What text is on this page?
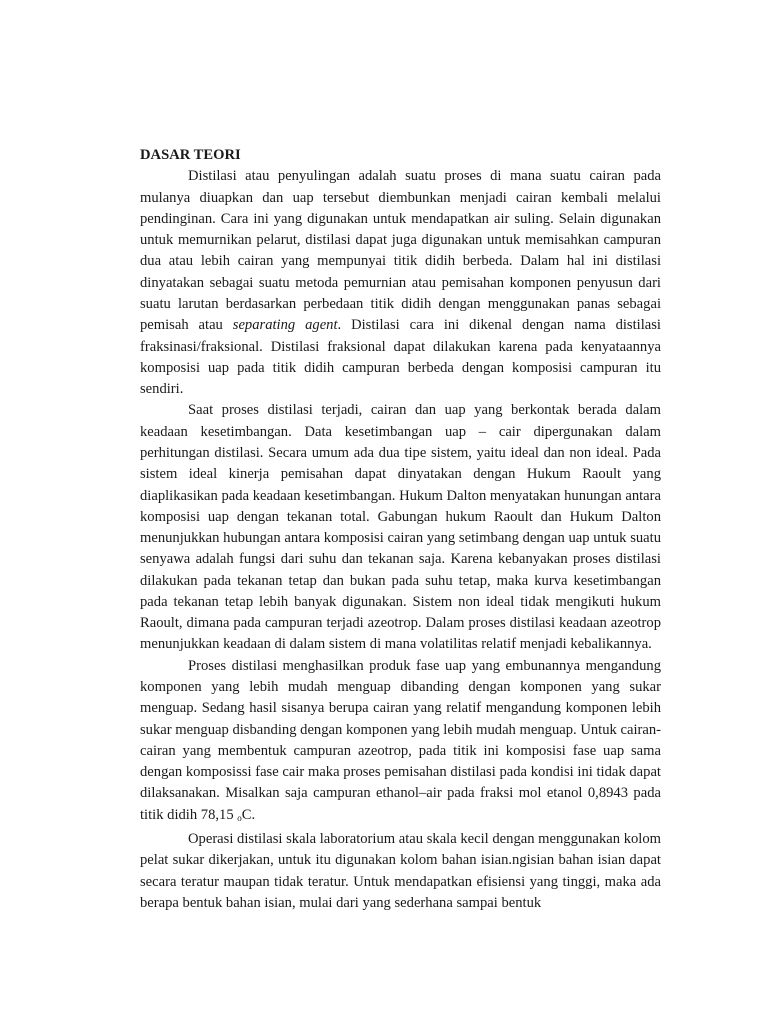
DASAR TEORI

Distilasi atau penyulingan adalah suatu proses di mana suatu cairan pada mulanya diuapkan dan uap tersebut diembunkan menjadi cairan kembali melalui pendinginan. Cara ini yang digunakan untuk mendapatkan air suling. Selain digunakan untuk memurnikan pelarut, distilasi dapat juga digunakan untuk memisahkan campuran dua atau lebih cairan yang mempunyai titik didih berbeda. Dalam hal ini distilasi dinyatakan sebagai suatu metoda pemurnian atau pemisahan komponen penyusun dari suatu larutan berdasarkan perbedaan titik didih dengan menggunakan panas sebagai pemisah atau separating agent. Distilasi cara ini dikenal dengan nama distilasi fraksinasi/fraksional. Distilasi fraksional dapat dilakukan karena pada kenyataannya komposisi uap pada titik didih campuran berbeda dengan komposisi campuran itu sendiri.

Saat proses distilasi terjadi, cairan dan uap yang berkontak berada dalam keadaan kesetimbangan. Data kesetimbangan uap – cair dipergunakan dalam perhitungan distilasi. Secara umum ada dua tipe sistem, yaitu ideal dan non ideal. Pada sistem ideal kinerja pemisahan dapat dinyatakan dengan Hukum Raoult yang diaplikasikan pada keadaan kesetimbangan. Hukum Dalton menyatakan hunungan antara komposisi uap dengan tekanan total. Gabungan hukum Raoult dan Hukum Dalton menunjukkan hubungan antara komposisi cairan yang setimbang dengan uap untuk suatu senyawa adalah fungsi dari suhu dan tekanan saja. Karena kebanyakan proses distilasi dilakukan pada tekanan tetap dan bukan pada suhu tetap, maka kurva kesetimbangan pada tekanan tetap lebih banyak digunakan. Sistem non ideal tidak mengikuti hukum Raoult, dimana pada campuran terjadi azeotrop. Dalam proses distilasi keadaan azeotrop menunjukkan keadaan di dalam sistem di mana volatilitas relatif menjadi kebalikannya.

Proses distilasi menghasilkan produk fase uap yang embunannya mengandung komponen yang lebih mudah menguap dibanding dengan komponen yang sukar menguap. Sedang hasil sisanya berupa cairan yang relatif mengandung komponen lebih sukar menguap disbanding dengan komponen yang lebih mudah menguap. Untuk cairan-cairan yang membentuk campuran azeotrop, pada titik ini komposisi fase uap sama dengan komposissi fase cair maka proses pemisahan distilasi pada kondisi ini tidak dapat dilaksanakan. Misalkan saja campuran ethanol–air pada fraksi mol etanol 0,8943 pada titik didih 78,15 $_o$C.

Operasi distilasi skala laboratorium atau skala kecil dengan menggunakan kolom pelat sukar dikerjakan, untuk itu digunakan kolom bahan isian.ngisian bahan isian dapat secara teratur maupan tidak teratur. Untuk mendapatkan efisiensi yang tinggi, maka ada berapa bentuk bahan isian, mulai dari yang sederhana sampai bentuk
